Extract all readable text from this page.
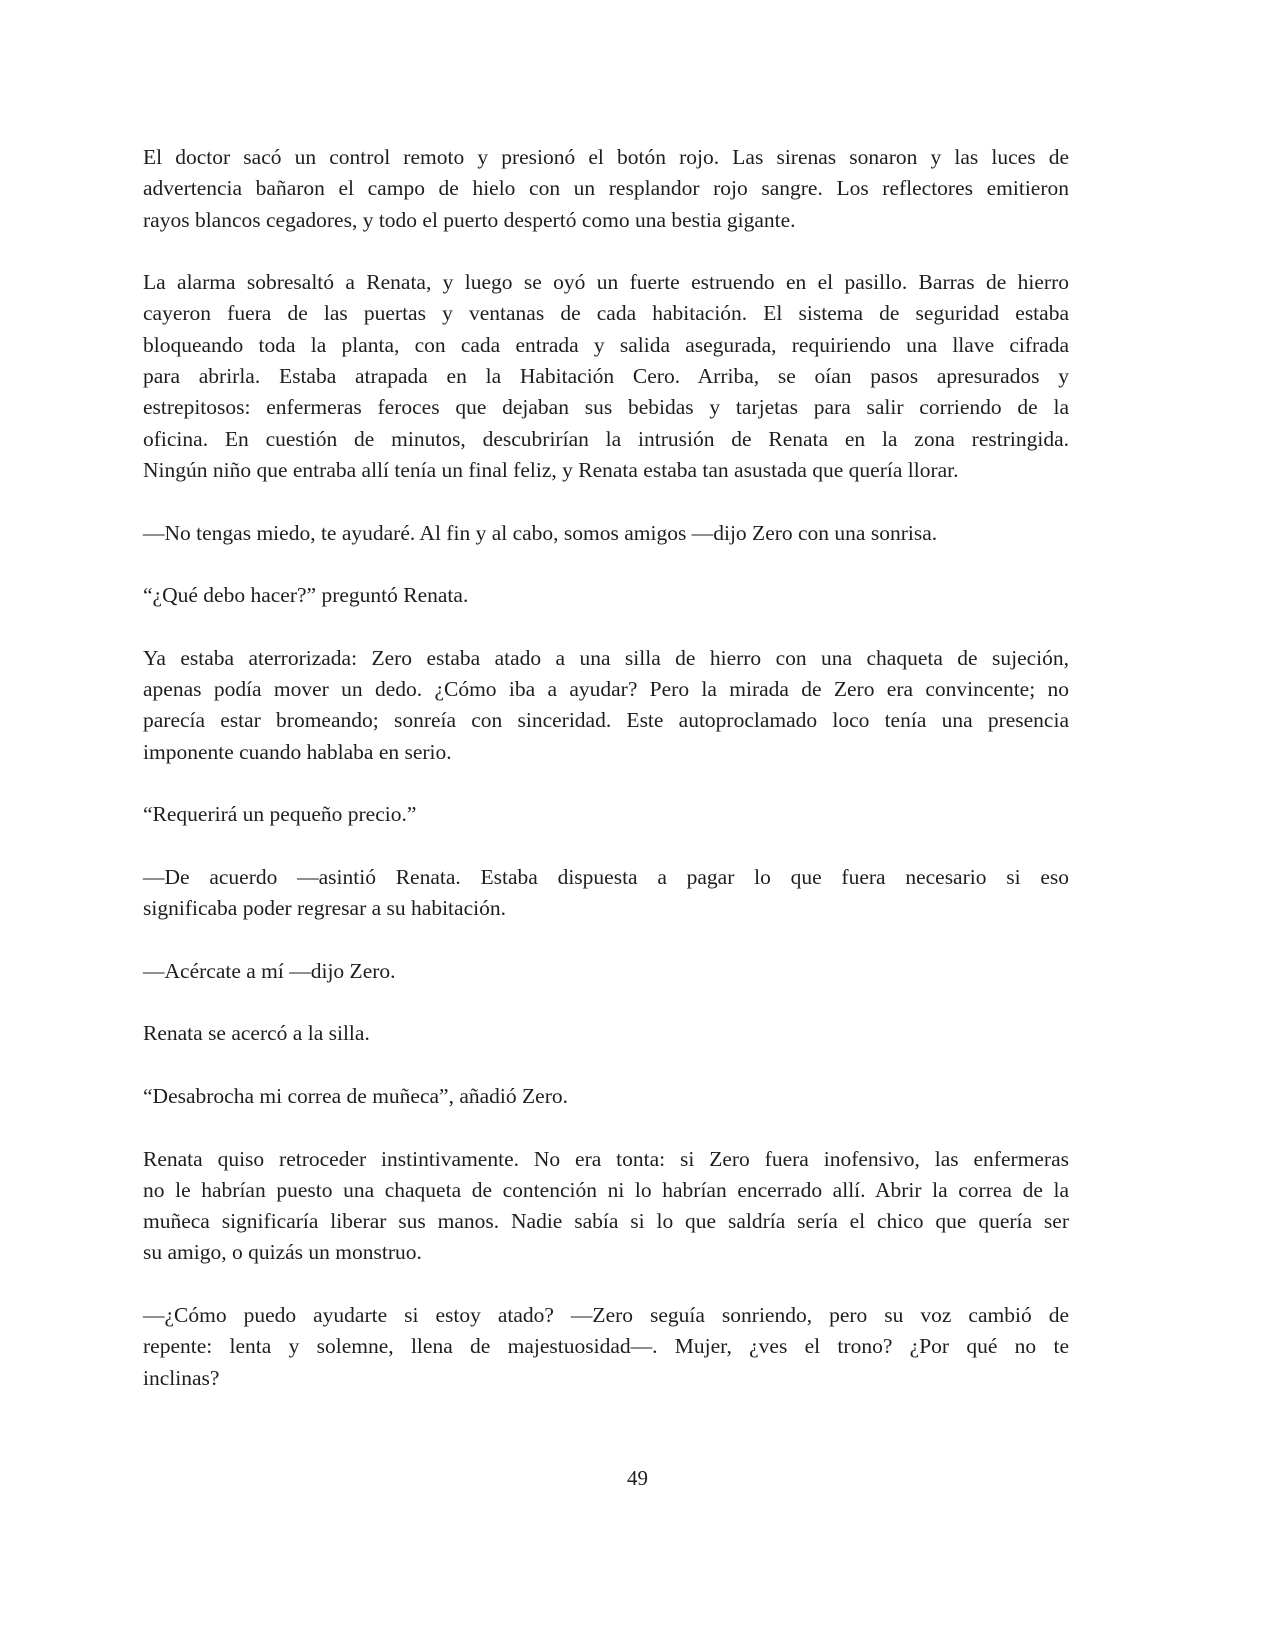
El doctor sacó un control remoto y presionó el botón rojo. Las sirenas sonaron y las luces de
advertencia bañaron el campo de hielo con un resplandor rojo sangre. Los reflectores emitieron
rayos blancos cegadores, y todo el puerto despertó como una bestia gigante.
La alarma sobresaltó a Renata, y luego se oyó un fuerte estruendo en el pasillo. Barras de hierro
cayeron fuera de las puertas y ventanas de cada habitación. El sistema de seguridad estaba
bloqueando toda la planta, con cada entrada y salida asegurada, requiriendo una llave cifrada
para abrirla. Estaba atrapada en la Habitación Cero. Arriba, se oían pasos apresurados y
estrepitosos: enfermeras feroces que dejaban sus bebidas y tarjetas para salir corriendo de la
oficina. En cuestión de minutos, descubrirían la intrusión de Renata en la zona restringida.
Ningún niño que entraba allí tenía un final feliz, y Renata estaba tan asustada que quería llorar.
—No tengas miedo, te ayudaré. Al fin y al cabo, somos amigos —dijo Zero con una sonrisa.
“¿Qué debo hacer?” preguntó Renata.
Ya estaba aterrorizada: Zero estaba atado a una silla de hierro con una chaqueta de sujeción,
apenas podía mover un dedo. ¿Cómo iba a ayudar? Pero la mirada de Zero era convincente; no
parecía estar bromeando; sonreía con sinceridad. Este autoproclamado loco tenía una presencia
imponente cuando hablaba en serio.
“Requerirá un pequeño precio.”
—De acuerdo —asintió Renata. Estaba dispuesta a pagar lo que fuera necesario si eso
significaba poder regresar a su habitación.
—Acércate a mí —dijo Zero.
Renata se acercó a la silla.
“Desabrocha mi correa de muñeca”, añadió Zero.
Renata quiso retroceder instintivamente. No era tonta: si Zero fuera inofensivo, las enfermeras
no le habrían puesto una chaqueta de contención ni lo habrían encerrado allí. Abrir la correa de la
muñeca significaría liberar sus manos. Nadie sabía si lo que saldría sería el chico que quería ser
su amigo, o quizás un monstruo.
—¿Cómo puedo ayudarte si estoy atado? —Zero seguía sonriendo, pero su voz cambió de
repente: lenta y solemne, llena de majestuosidad—. Mujer, ¿ves el trono? ¿Por qué no te
inclinas?
49
